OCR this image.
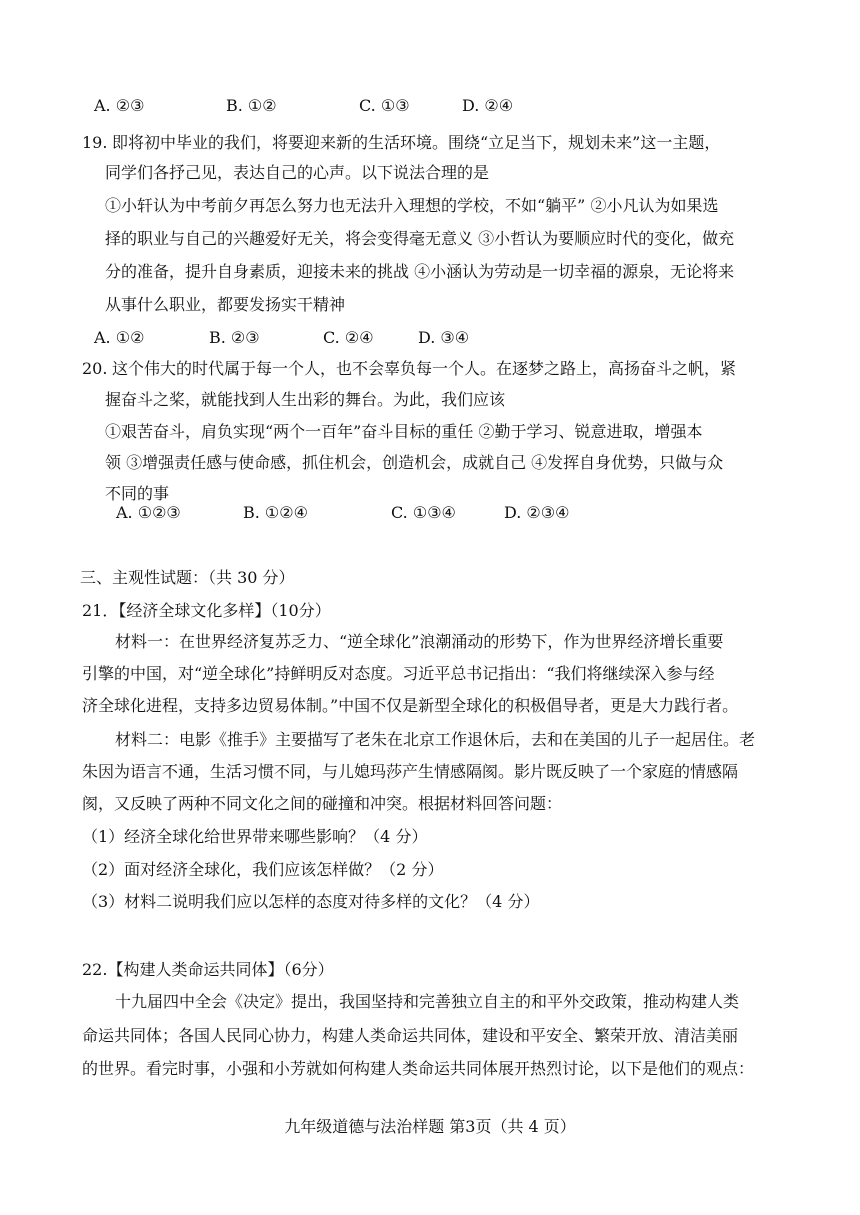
A. ②③	B. ①②	C. ①③	D. ②④
19. 即将初中毕业的我们，将要迎来新的生活环境。围绕“立足当下，规划未来”这一主题，
同学们各抒己见，表达自己的心声。以下说法合理的是
①小轩认为中考前夕再怎么努力也无法升入理想的学校，不如“躺平” ②小凡认为如果选
择的职业与自己的兴趣爱好无关，将会变得毫无意义 ③小哲认为要顺应时代的变化，做充
分的准备，提升自身素质，迎接未来的挑战 ④小涵认为劳动是一切幸福的源泉，无论将来
从事什么职业，都要发扬实干精神
A. ①②	B. ②③	C. ②④	D. ③④
20. 这个伟大的时代属于每一个人，也不会辜负每一个人。在逐梦之路上，高扬奋斗之帆，紧
握奋斗之桨，就能找到人生出彩的舞台。为此，我们应该
①艰苦奋斗，肩负实现“两个一百年”奋斗目标的重任 ②勤于学习、锐意进取，增强本
领 ③增强责任感与使命感，抓住机会，创造机会，成就自己 ④发挥自身优势，只做与众
不同的事
A. ①②③	B. ①②④	C. ①③④	D. ②③④
三、主观性试题：（共 30 分）
21．【经济全球文化多样】（10分）
材料一：在世界经济复苏乏力、“逆全球化”浪潮涌动的形势下，作为世界经济增长重要
引擎的中国，对“逆全球化”持鲜明反对态度。习近平总书记指出：“我们将继续深入参与经
济全球化进程，支持多边贸易体制。”中国不仅是新型全球化的积极倡导者，更是大力践行者。
材料二：电影《推手》主要描写了老朱在北京工作退休后，去和在美国的儿子一起居住。老
朱因为语言不通，生活习惯不同，与儿媳玛莎产生情感隔阂。影片既反映了一个家庭的情感隔
阂，又反映了两种不同文化之间的碰撞和冲突。根据材料回答问题：
（1）经济全球化给世界带来哪些影响？（4 分）
（2）面对经济全球化，我们应该怎样做？（2 分）
（3）材料二说明我们应以怎样的态度对待多样的文化？（4 分）
22.【构建人类命运共同体】（6分）
十九届四中全会《决定》提出，我国坚持和完善独立自主的和平外交政策，推动构建人类
命运共同体；各国人民同心协力，构建人类命运共同体，建设和平安全、繁荣开放、清洁美丽
的世界。看完时事，小强和小芳就如何构建人类命运共同体展开热烈讨论，以下是他们的观点：
九年级道德与法治样题 第3页（共 4 页）
